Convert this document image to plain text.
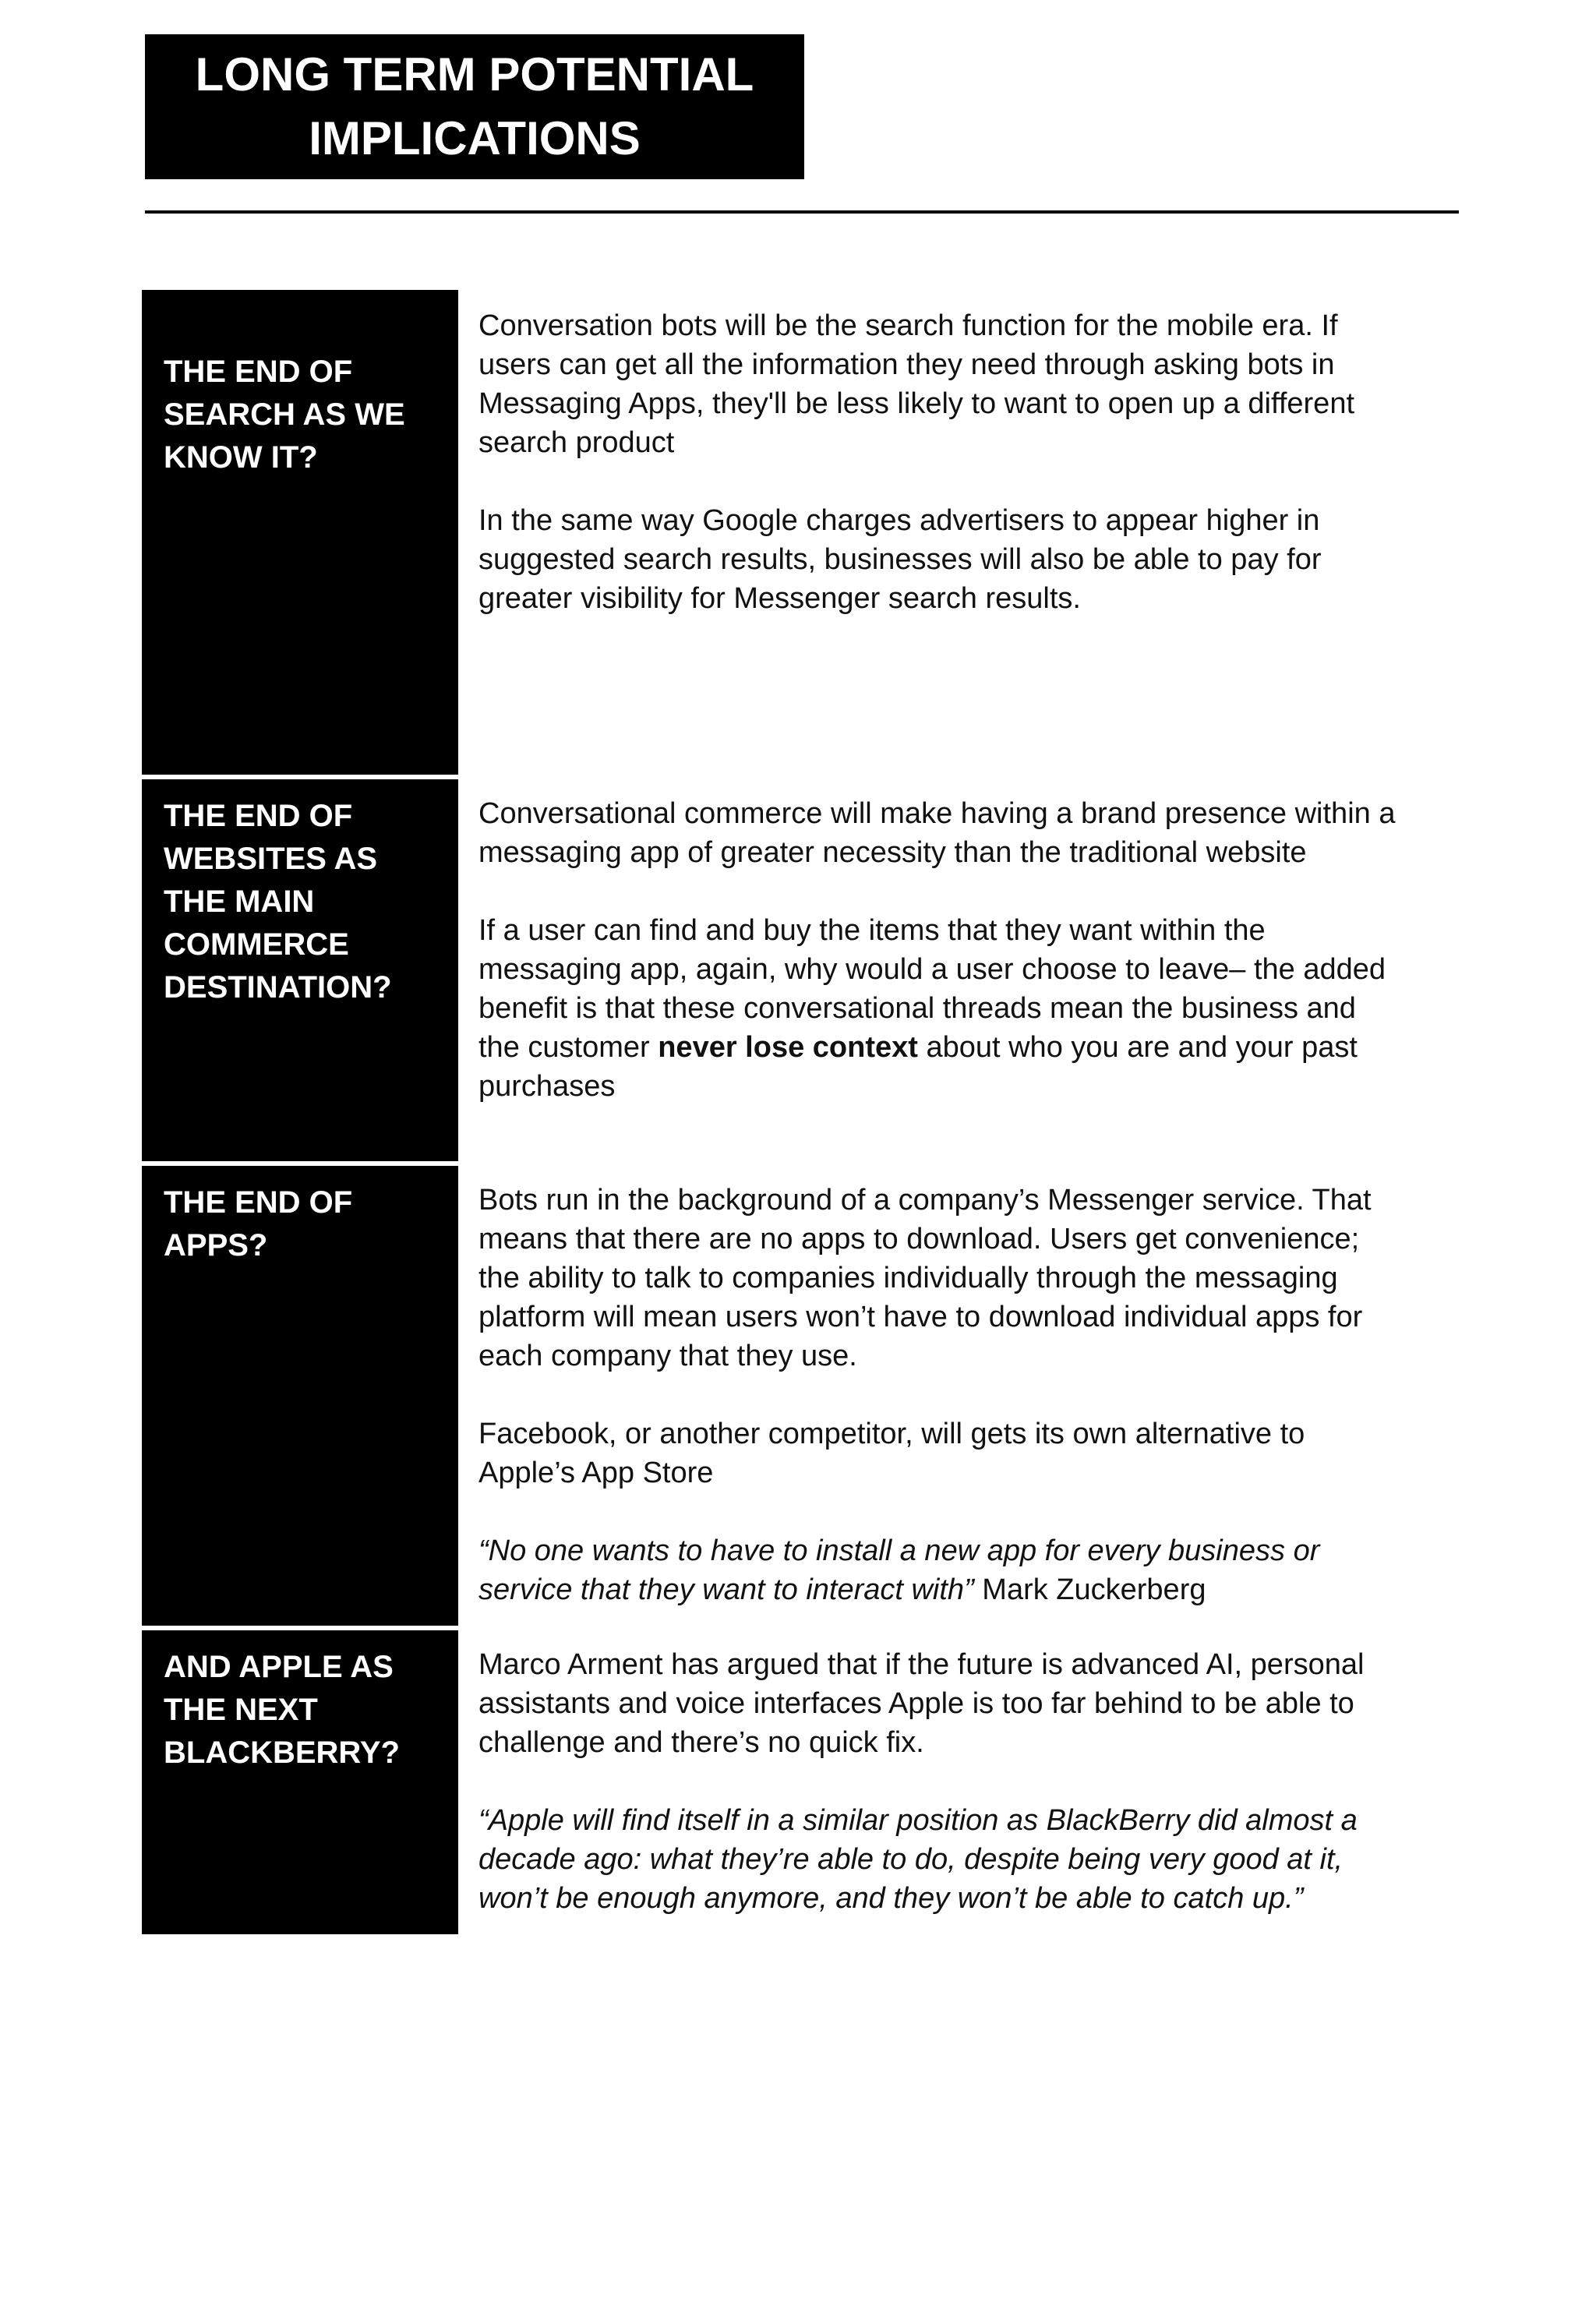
LONG TERM POTENTIAL
IMPLICATIONS
THE END OF
SEARCH AS WE
KNOW IT?

Conversation bots will be the search function for the mobile era. If users can get all the information they need through asking bots in Messaging Apps, they'll be less likely to want to open up a different search product

In the same way Google charges advertisers to appear higher in suggested search results, businesses will also be able to pay for greater visibility for Messenger search results.

THE END OF
WEBSITES AS
THE MAIN
COMMERCE
DESTINATION?

Conversational commerce will make having a brand presence within a messaging app of greater necessity than the traditional website

If a user can find and buy the items that they want within the messaging app, again, why would a user choose to leave– the added benefit is that these conversational threads mean the business and the customer never lose context about who you are and your past purchases

THE END OF
APPS?

Bots run in the background of a company’s Messenger service. That means that there are no apps to download. Users get convenience; the ability to talk to companies individually through the messaging platform will mean users won’t have to download individual apps for each company that they use.

Facebook, or another competitor, will gets its own alternative to Apple’s App Store

“No one wants to have to install a new app for every business or service that they want to interact with” Mark Zuckerberg

AND APPLE AS
THE NEXT
BLACKBERRY?

Marco Arment has argued that if the future is advanced AI, personal assistants and voice interfaces Apple is too far behind to be able to challenge and there’s no quick fix.

“Apple will find itself in a similar position as BlackBerry did almost a decade ago: what they’re able to do, despite being very good at it, won’t be enough anymore, and they won’t be able to catch up.”
